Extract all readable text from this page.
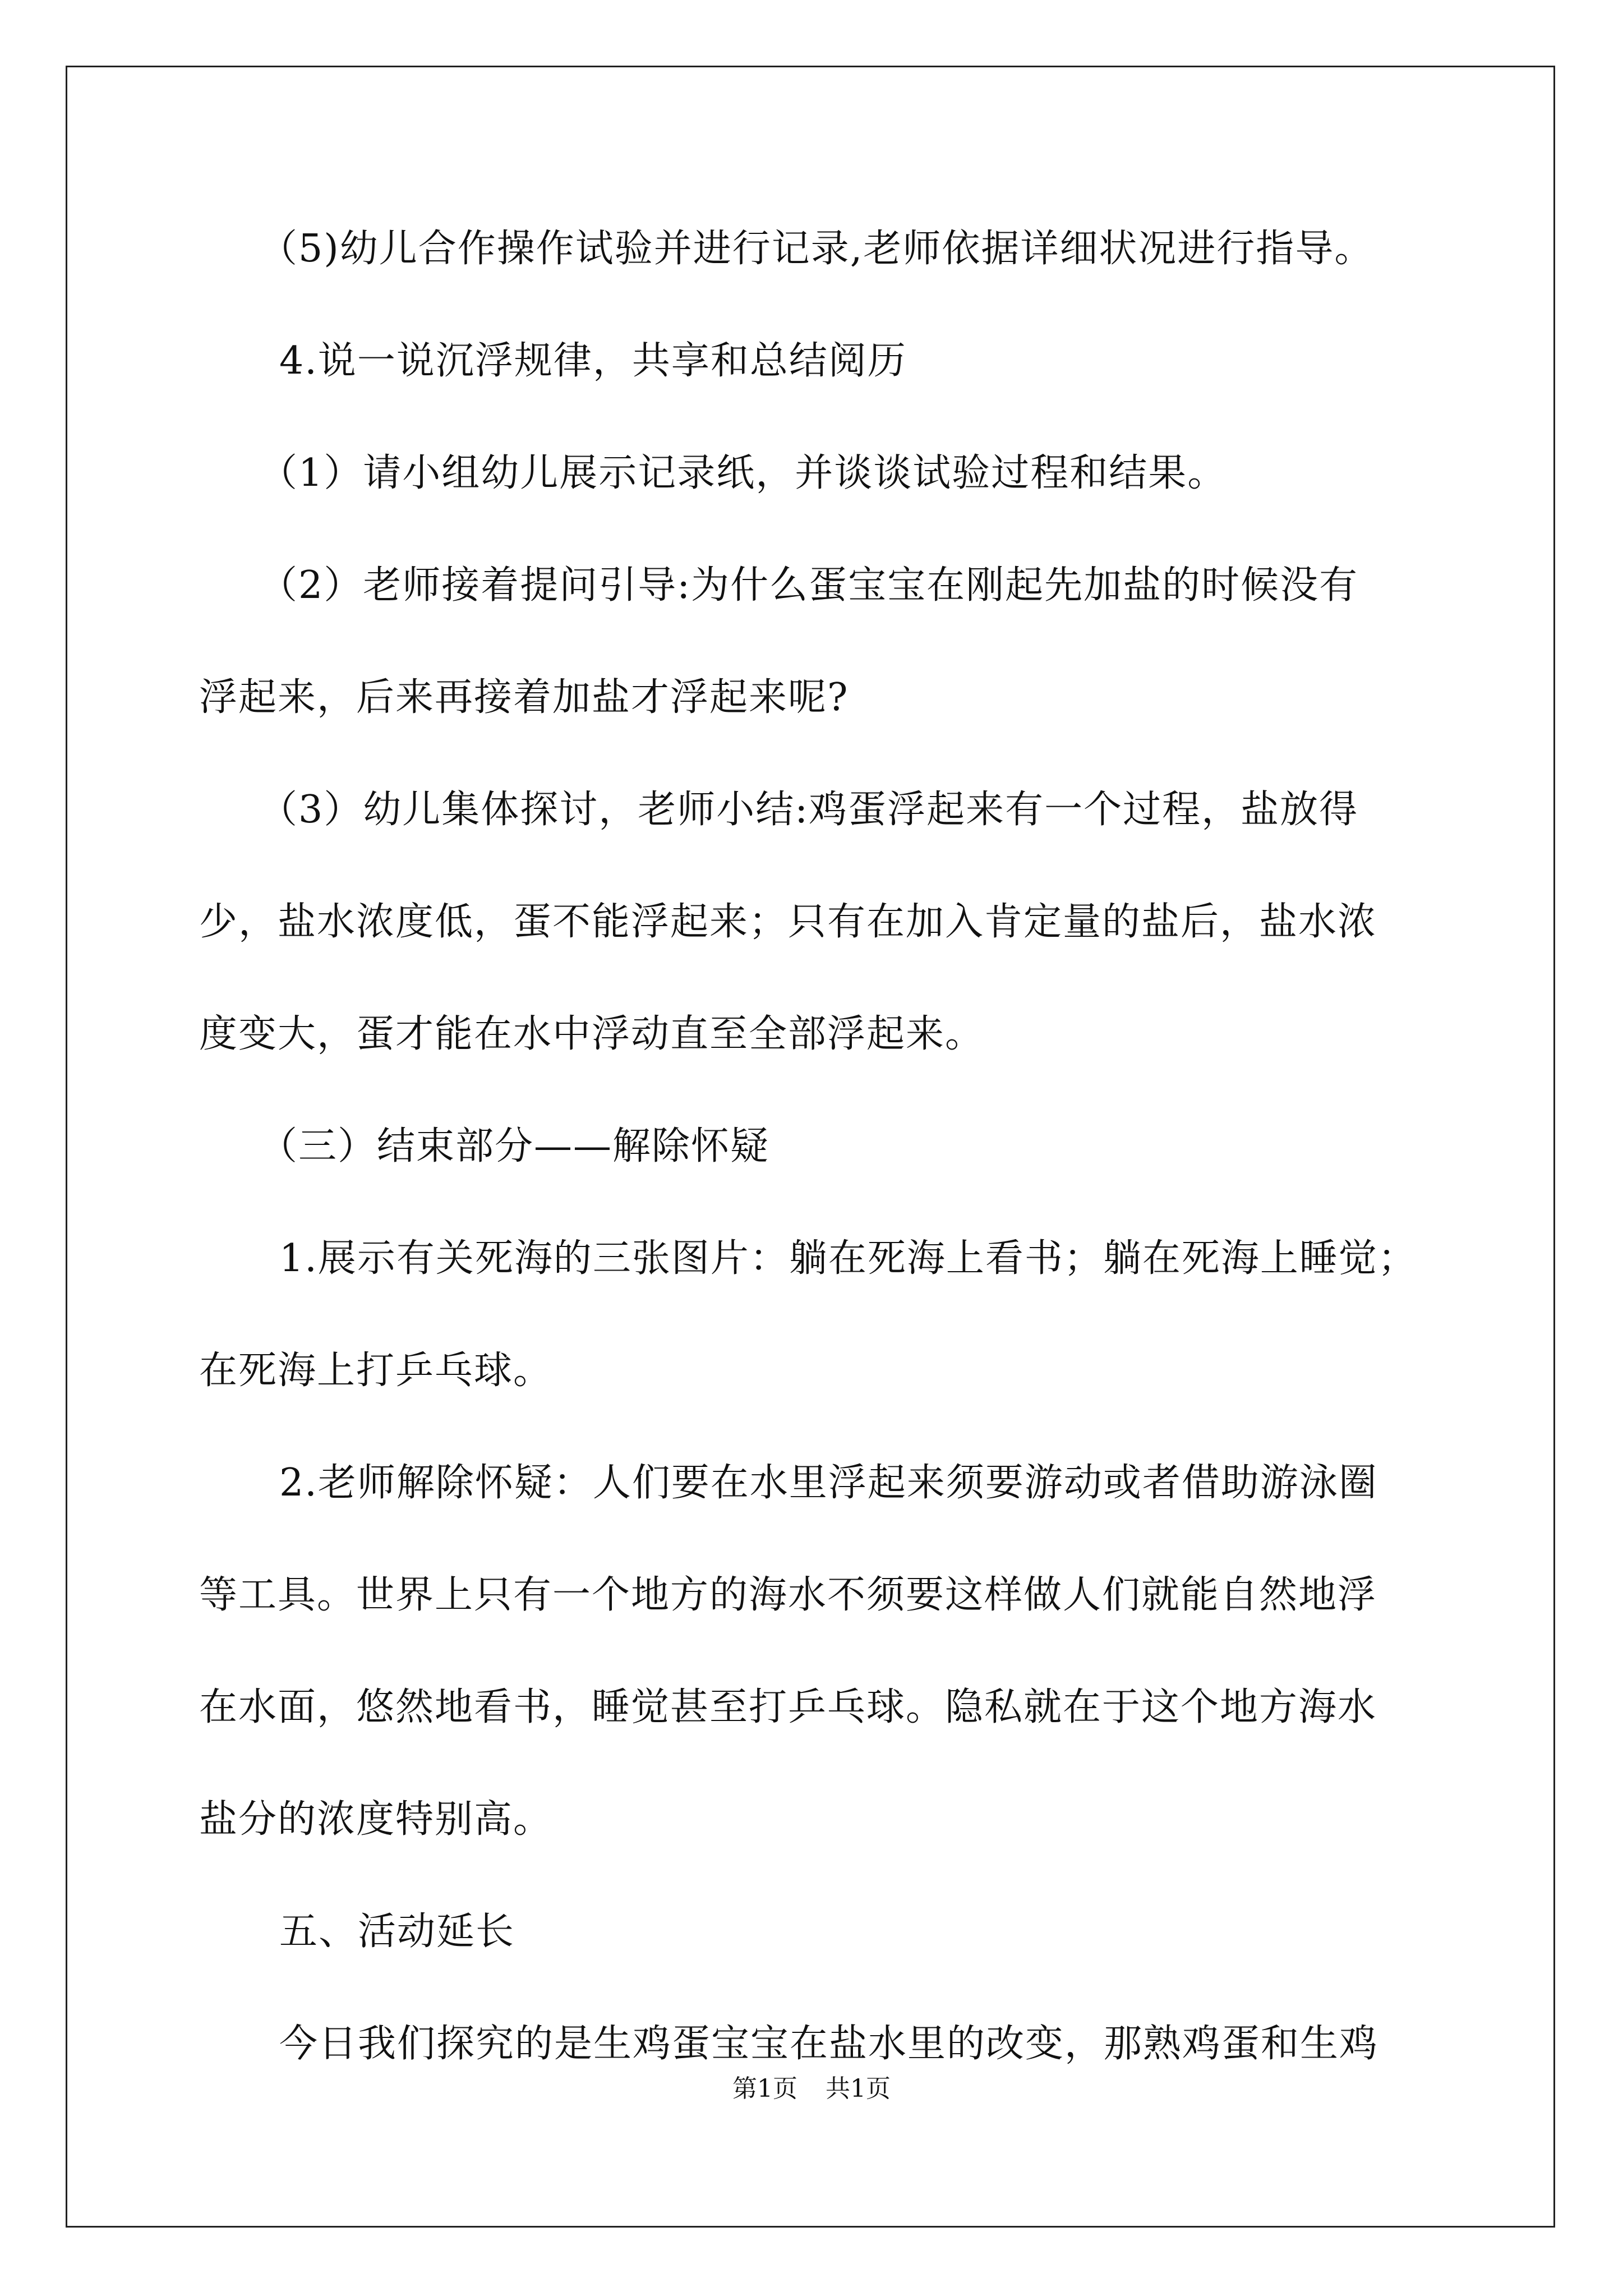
（5)幼儿合作操作试验并进行记录,老师依据详细状况进行指导。

4.说一说沉浮规律，共享和总结阅历

（1）请小组幼儿展示记录纸，并谈谈试验过程和结果。

（2）老师接着提问引导:为什么蛋宝宝在刚起先加盐的时候没有

浮起来，后来再接着加盐才浮起来呢?

（3）幼儿集体探讨，老师小结:鸡蛋浮起来有一个过程，盐放得

少，盐水浓度低，蛋不能浮起来；只有在加入肯定量的盐后，盐水浓

度变大，蛋才能在水中浮动直至全部浮起来。

（三）结束部分——解除怀疑

1.展示有关死海的三张图片：躺在死海上看书；躺在死海上睡觉；

在死海上打乒乓球。

2.老师解除怀疑：人们要在水里浮起来须要游动或者借助游泳圈

等工具。世界上只有一个地方的海水不须要这样做人们就能自然地浮

在水面，悠然地看书，睡觉甚至打乒乓球。隐私就在于这个地方海水

盐分的浓度特别高。

五、活动延长

今日我们探究的是生鸡蛋宝宝在盐水里的改变，那熟鸡蛋和生鸡

第1页 共1页
